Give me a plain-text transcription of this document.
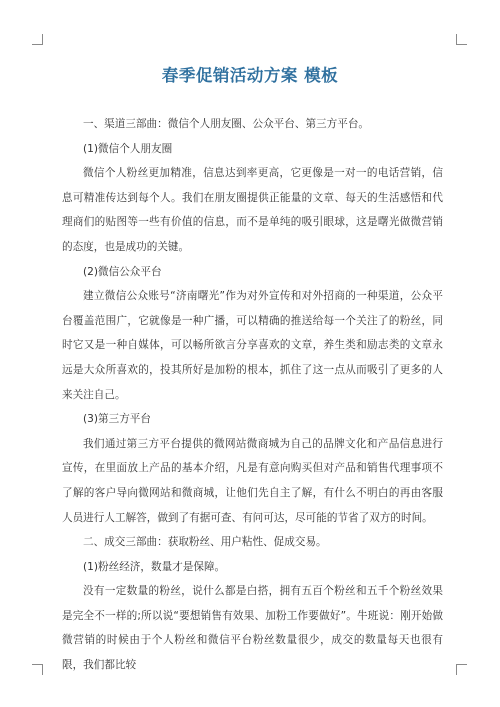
春季促销活动方案 模板

一、渠道三部曲：微信个人朋友圈、公众平台、第三方平台。

(1)微信个人朋友圈

微信个人粉丝更加精准，信息达到率更高，它更像是一对一的电话营销，信息可精准传达到每个人。我们在朋友圈提供正能量的文章、每天的生活感悟和代理商们的贴图等一些有价值的信息，而不是单纯的吸引眼球，这是曙光做微营销的态度，也是成功的关键。

(2)微信公众平台

建立微信公众账号“济南曙光”作为对外宣传和对外招商的一种渠道，公众平台覆盖范围广，它就像是一种广播，可以精确的推送给每一个关注了的粉丝，同时它又是一种自媒体，可以畅所欲言分享喜欢的文章，养生类和励志类的文章永远是大众所喜欢的，投其所好是加粉的根本，抓住了这一点从而吸引了更多的人来关注自己。

(3)第三方平台

我们通过第三方平台提供的微网站微商城为自己的品牌文化和产品信息进行宣传，在里面放上产品的基本介绍，凡是有意向购买但对产品和销售代理事项不了解的客户导向微网站和微商城，让他们先自主了解，有什么不明白的再由客服人员进行人工解答，做到了有据可查、有问可达，尽可能的节省了双方的时间。

二、成交三部曲：获取粉丝、用户粘性、促成交易。

(1)粉丝经济，数量才是保障。

没有一定数量的粉丝，说什么都是白搭，拥有五百个粉丝和五千个粉丝效果是完全不一样的;所以说“要想销售有效果、加粉工作要做好”。牛班说：刚开始做微营销的时候由于个人粉丝和微信平台粉丝数量很少，成交的数量每天也很有限，我们都比较
